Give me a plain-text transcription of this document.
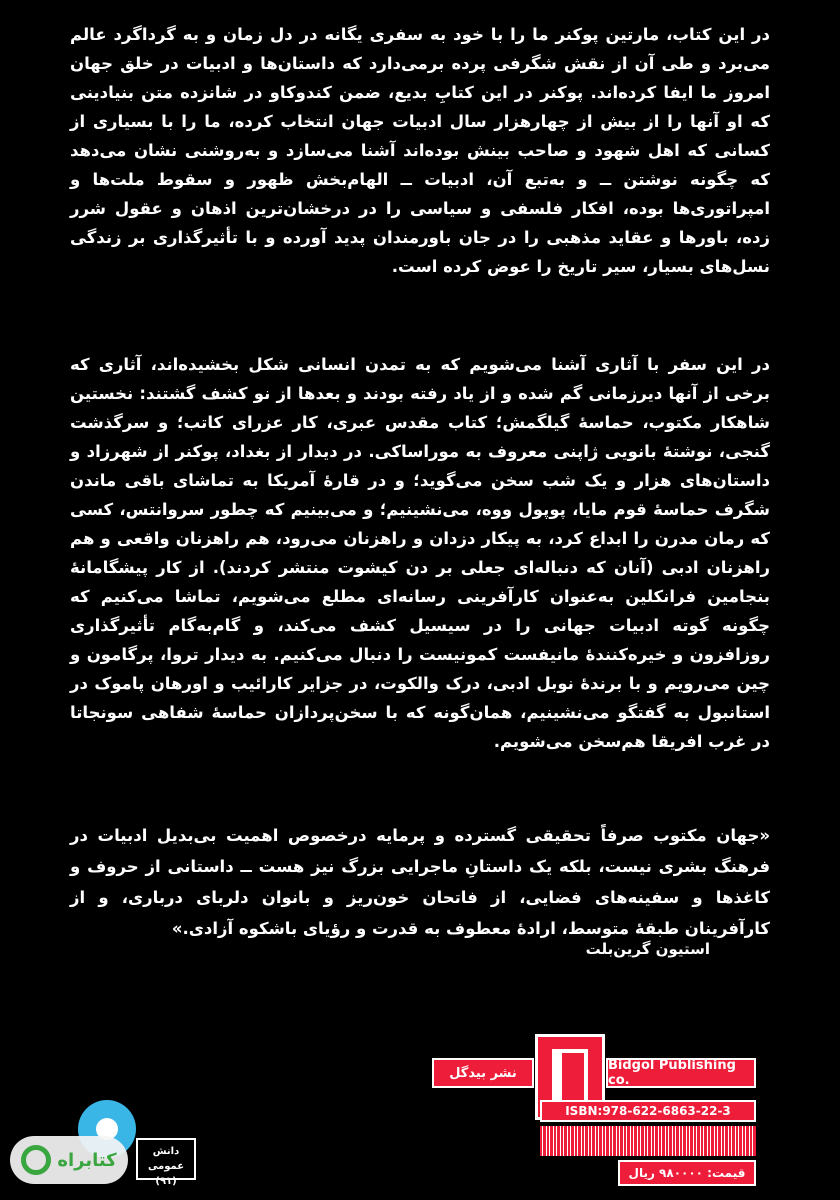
در این کتاب، مارتین پوکنر ما را با خود به سفری یگانه در دل زمان و به گرداگرد عالم می‌برد و طی آن از نقش شگرفی پرده برمی‌دارد که داستان‌ها و ادبیات در خلق جهان امروز ما ایفا کرده‌اند. پوکنر در این کتابِ بدیع، ضمن کندوکاو در شانزده متن بنیادینی که او آنها را از بیش از چهارهزار سال ادبیات جهان انتخاب کرده، ما را با بسیاری از کسانی که اهل شهود و صاحب بینش بوده‌اند آشنا می‌سازد و به‌روشنی نشان می‌دهد که چگونه نوشتن ــ و به‌تبع آن، ادبیات ــ الهام‌بخش ظهور و سقوط ملت‌ها و امپراتوری‌ها بوده، افکار فلسفی و سیاسی را در درخشان‌ترین اذهان و عقول شرر زده، باورها و عقاید مذهبی را در جان باورمندان پدید آورده و با تأثیرگذاری بر زندگی نسل‌های بسیار، سیر تاریخ را عوض کرده است.
در این سفر با آثاری آشنا می‌شویم که به تمدن انسانی شکل بخشیده‌اند، آثاری که برخی از آنها دیرزمانی گم شده و از یاد رفته بودند و بعدها از نو کشف گشتند: نخستین شاهکار مکتوب، حماسهٔ گیلگمش؛ کتاب مقدس عبری، کار عزرای کاتب؛ و سرگذشت گنجی، نوشتهٔ بانویی ژاپنی معروف به موراساکی. در دیدار از بغداد، پوکنر از شهرزاد و داستان‌های هزار و یک شب سخن می‌گوید؛ و در قارهٔ آمریکا به تماشای باقی ماندن شگرف حماسهٔ قوم مایا، پوپول ووه، می‌نشینیم؛ و می‌بینیم که چطور سروانتس، کسی که رمان مدرن را ابداع کرد، به پیکار دزدان و راهزنان می‌رود، هم راهزنان واقعی و هم راهزنان ادبی (آنان که دنباله‌ای جعلی بر دن کیشوت منتشر کردند). از کار پیشگامانهٔ بنجامین فرانکلین به‌عنوان کارآفرینی رسانه‌ای مطلع می‌شویم، تماشا می‌کنیم که چگونه گوته ادبیات جهانی را در سیسیل کشف می‌کند، و گام‌به‌گام تأثیرگذاری روزافزون و خیره‌کنندهٔ مانیفست کمونیست را دنبال می‌کنیم. به دیدار تروا، پرگامون و چین می‌رویم و با برندهٔ نوبل ادبی، درک والکوت، در جزایر کارائیب و اورهان پاموک در استانبول به گفتگو می‌نشینیم، همان‌گونه که با سخن‌پردازان حماسهٔ شفاهی سونجاتا در غرب افریقا هم‌سخن می‌شویم.
«جهان مکتوب صرفاً تحقیقی گسترده و پرمایه درخصوص اهمیت بی‌بدیل ادبیات در فرهنگ بشری نیست، بلکه یک داستانِ ماجرایی بزرگ نیز هست ــ داستانی از حروف و کاغذها و سفینه‌های فضایی، از فاتحان خون‌ریز و بانوان دلربای درباری، و از کارآفرینان طبقهٔ متوسط، ارادهٔ معطوف به قدرت و رؤیای باشکوه آزادی.»
استیون گرین‌بلت
Bidgol Publishing co.
نشر بیدگل
ISBN:978-622-6863-22-3
قیمت: ۹۸۰۰۰۰ ریال
دانش عمومی
(۹۱)
کتابراه
